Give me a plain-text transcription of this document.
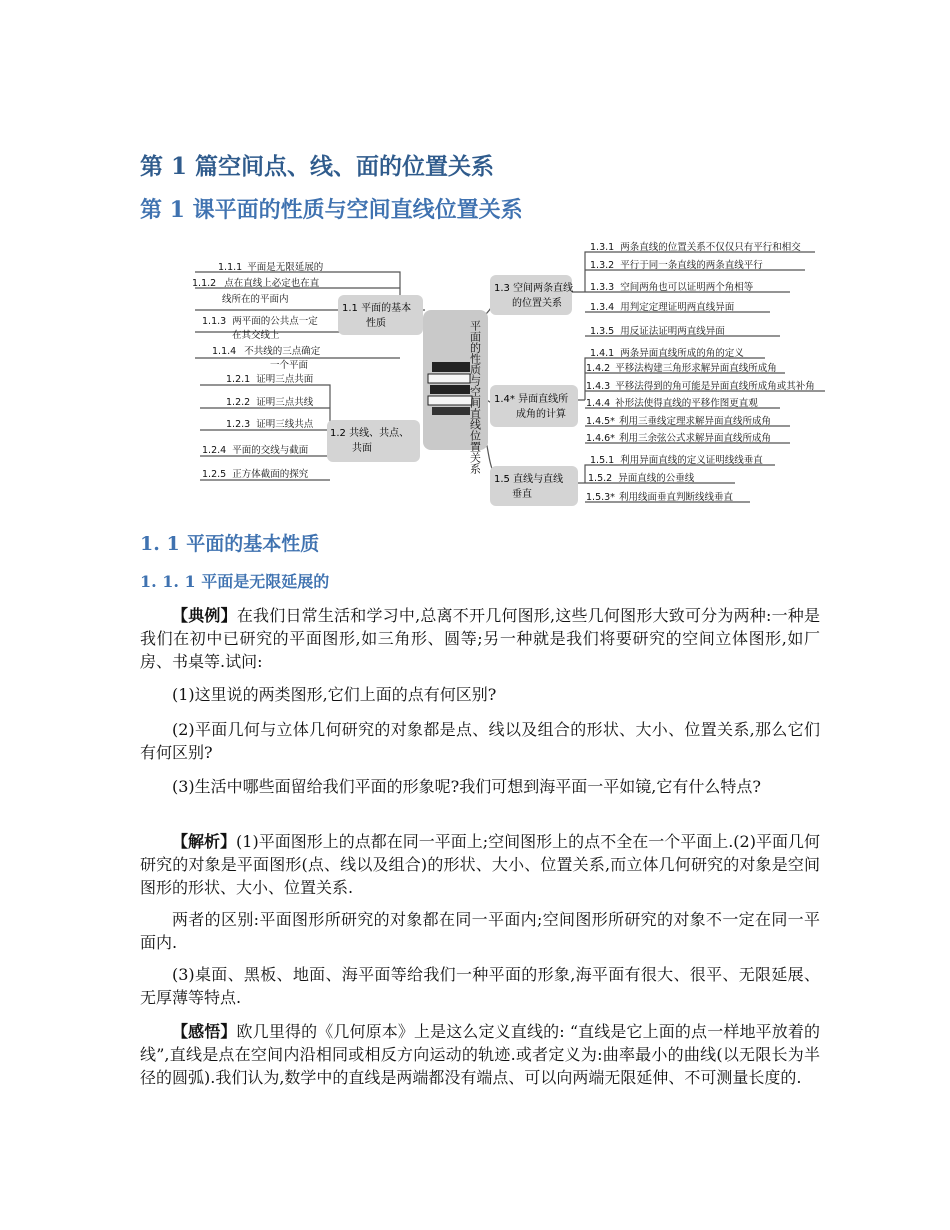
第 1 篇空间点、线、面的位置关系
第 1 课平面的性质与空间直线位置关系
平面的性质与空间直线位置关系
1.1 平面的基本
性质
1.2 共线、共点、
共面
1.3 空间两条直线
的位置关系
1.4* 异面直线所
成角的计算
1.5 直线与直线
垂直
1.1.1 平面是无限延展的
1.1.2 点在直线上必定也在直
线所在的平面内
1.1.3 两平面的公共点一定
在其交线上
1.1.4 不共线的三点确定
一个平面
1.2.1 证明三点共面
1.2.2 证明三点共线
1.2.3 证明三线共点
1.2.4 平面的交线与截面
1.2.5 正方体截面的探究
1.3.1 两条直线的位置关系不仅仅只有平行和相交
1.3.2 平行于同一条直线的两条直线平行
1.3.3 空间两角也可以证明两个角相等
1.3.4 用判定定理证明两直线异面
1.3.5 用反证法证明两直线异面
1.4.1 两条异面直线所成的角的定义
1.4.2 平移法构建三角形求解异面直线所成角
1.4.3 平移法得到的角可能是异面直线所成角或其补角
1.4.4 补形法使得直线的平移作图更直观
1.4.5* 利用三垂线定理求解异面直线所成角
1.4.6* 利用三余弦公式求解异面直线所成角
1.5.1 利用异面直线的定义证明线线垂直
1.5.2 异面直线的公垂线
1.5.3* 利用线面垂直判断线线垂直
1. 1 平面的基本性质
1. 1. 1 平面是无限延展的
【典例】在我们日常生活和学习中,总离不开几何图形,这些几何图形大致可分为两种:一种是我们在初中已研究的平面图形,如三角形、圆等;另一种就是我们将要研究的空间立体图形,如厂房、书桌等.试问:
(1)这里说的两类图形,它们上面的点有何区别?
(2)平面几何与立体几何研究的对象都是点、线以及组合的形状、大小、位置关系,那么它们有何区别?
(3)生活中哪些面留给我们平面的形象呢?我们可想到海平面一平如镜,它有什么特点?
【解析】(1)平面图形上的点都在同一平面上;空间图形上的点不全在一个平面上.(2)平面几何研究的对象是平面图形(点、线以及组合)的形状、大小、位置关系,而立体几何研究的对象是空间图形的形状、大小、位置关系.
两者的区别:平面图形所研究的对象都在同一平面内;空间图形所研究的对象不一定在同一平面内.
(3)桌面、黑板、地面、海平面等给我们一种平面的形象,海平面有很大、很平、无限延展、无厚薄等特点.
【感悟】欧几里得的《几何原本》上是这么定义直线的: “直线是它上面的点一样地平放着的线”,直线是点在空间内沿相同或相反方向运动的轨迹.或者定义为:曲率最小的曲线(以无限长为半径的圆弧).我们认为,数学中的直线是两端都没有端点、可以向两端无限延伸、不可测量长度的.
